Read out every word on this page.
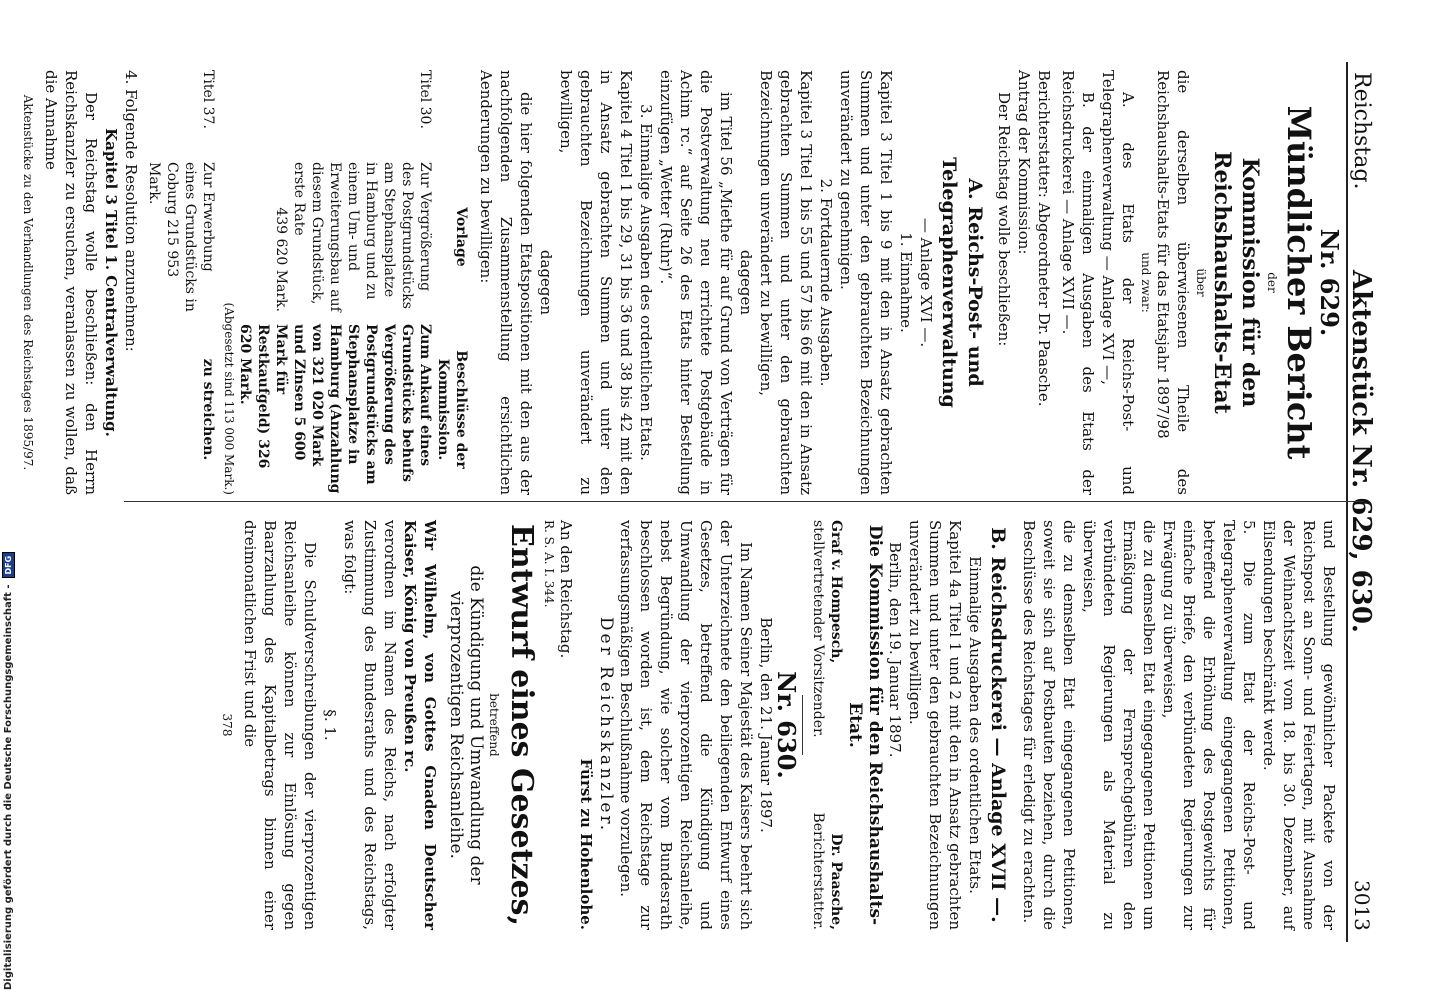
Reichstag.
Aktenstück Nr. 629, 630.
3013
Nr. 629.
Mündlicher Bericht
der
Kommission für den Reichshaushalts-Etat
über

die derselben überwiesenen Theile des Reichshaushalts-Etats für das Etatsjahr 1897/98

und zwar:

A. des Etats der Reichs-Post- und Telegraphenverwaltung — Anlage XVI —,

B. der einmaligen Ausgaben des Etats der Reichsdruckerei — Anlage XVII —.

Berichterstatter: Abgeordneter Dr. Paasche.

Antrag der Kommission:

Der Reichstag wolle beschließen:

A. Reichs-Post- und Telegraphenverwaltung
— Anlage XVI —.
1. Einnahme.

Kapitel 3 Titel 1 bis 9 mit den in Ansatz gebrachten Summen und unter den gebrauchten Bezeichnungen unverändert zu genehmigen.

2. Fortdauernde Ausgaben.

Kapitel 3 Titel 1 bis 55 und 57 bis 66 mit den in Ansatz gebrachten Summen und unter den gebrauchten Bezeichnungen unverändert zu bewilligen,

dagegen

im Titel 56 „Miethe für auf Grund von Verträgen für die Postverwaltung neu errichtete Postgebäude in Achim rc.“ auf Seite 26 des Etats hinter Bestellung einzufügen „Wetter (Ruhr)“.

3. Einmalige Ausgaben des ordentlichen Etats.

Kapitel 4 Titel 1 bis 29, 31 bis 36 und 38 bis 42 mit den in Ansatz gebrachten Summen und unter den gebrauchten Bezeichnungen unverändert zu bewilligen,

dagegen

die hier folgenden Etatspositionen mit den aus der nachfolgenden Zusammenstellung ersichtlichen Aenderungen zu bewilligen:

Vorlage
Beschlüsse der Kommission.
Titel 30.
Zur Vergrößerung des Postgrundstücks am Stephansplatze in Hamburg und zu einem Um- und Erweiterungsbau auf diesem Grundstück, erste Rate

439 620 Mark.
Zum Ankauf eines Grundstücks behufs Vergrößerung des Postgrundstücks am Stephansplatze in Hamburg (Anzahlung von 321 020 Mark und Zinsen 5 600 Mark für Restkaufgeld) 326 620 Mark.
(Abgesetzt sind 113 000 Mark.)
Titel 37.
Zur Erwerbung eines Grundstücks in Coburg 215 953 Mark.
zu streichen.

4. Folgende Resolution anzunehmen:

Kapitel 3 Titel 1. Centralverwaltung.

Der Reichstag wolle beschließen: den Herrn Reichskanzler zu ersuchen, veranlassen zu wollen, daß die Annahme

Aktenstücke zu den Verhandlungen des Reichstages 1895/97.

und Bestellung gewöhnlicher Packete von der Reichspost an Sonn- und Feiertagen, mit Ausnahme der Weihnachtszeit vom 18. bis 30. Dezember, auf Eilsendungen beschränkt werde.

5. Die zum Etat der Reichs-Post- und Telegraphenverwaltung eingegangenen Petitionen, betreffend die Erhöhung des Postgewichts für einfache Briefe, den verbündeten Regierungen zur Erwägung zu überweisen,

die zu demselben Etat eingegangenen Petitionen um Ermäßigung der Fernsprechgebühren den verbündeten Regierungen als Material zu überweisen,

die zu demselben Etat eingegangenen Petitionen, soweit sie sich auf Postbauten beziehen, durch die Beschlüsse des Reichstages für erledigt zu erachten.

B. Reichsdruckerei — Anlage XVII —.
Einmalige Ausgaben des ordentlichen Etats.

Kapitel 4a Titel 1 und 2 mit den in Ansatz gebrachten Summen und unter den gebrauchten Bezeichnungen unverändert zu bewilligen.

Berlin, den 19. Januar 1897.

Die Kommission für den Reichshaushalts-Etat.
Graf v. Hompesch,
Dr. Paasche,
stellvertretender Vorsitzender.
Berichterstatter.
Nr. 630.
Berlin, den 21. Januar 1897.

Im Namen Seiner Majestät des Kaisers beehrt sich der Unterzeichnete den beiliegenden Entwurf eines Gesetzes, betreffend die Kündigung und Umwandlung der vierprozentigen Reichsanleihe, nebst Begründung, wie solcher vom Bundesrath beschlossen worden ist, dem Reichstage zur verfassungsmäßigen Beschlußnahme vorzulegen.

Der Reichskanzler.
Fürst zu Hohenlohe.
An den Reichstag.
R. S. A. I. 344.
Entwurf eines Gesetzes,
betreffend
die Kündigung und Umwandlung der vierprozentigen Reichsanleihe.

Wir Wilhelm, von Gottes Gnaden Deutscher Kaiser, König von Preußen rc.

verordnen im Namen des Reichs, nach erfolgter Zustimmung des Bundesraths und des Reichstags, was folgt:

§. 1.

Die Schuldverschreibungen der vierprozentigen Reichsanleihe können zur Einlösung gegen Baarzahlung des Kapitalbetrags binnen einer dreimonatlichen Frist und die

378
Digitalisierung gefördert durch die Deutsche Forschungsgemeinschaft -
DFG
